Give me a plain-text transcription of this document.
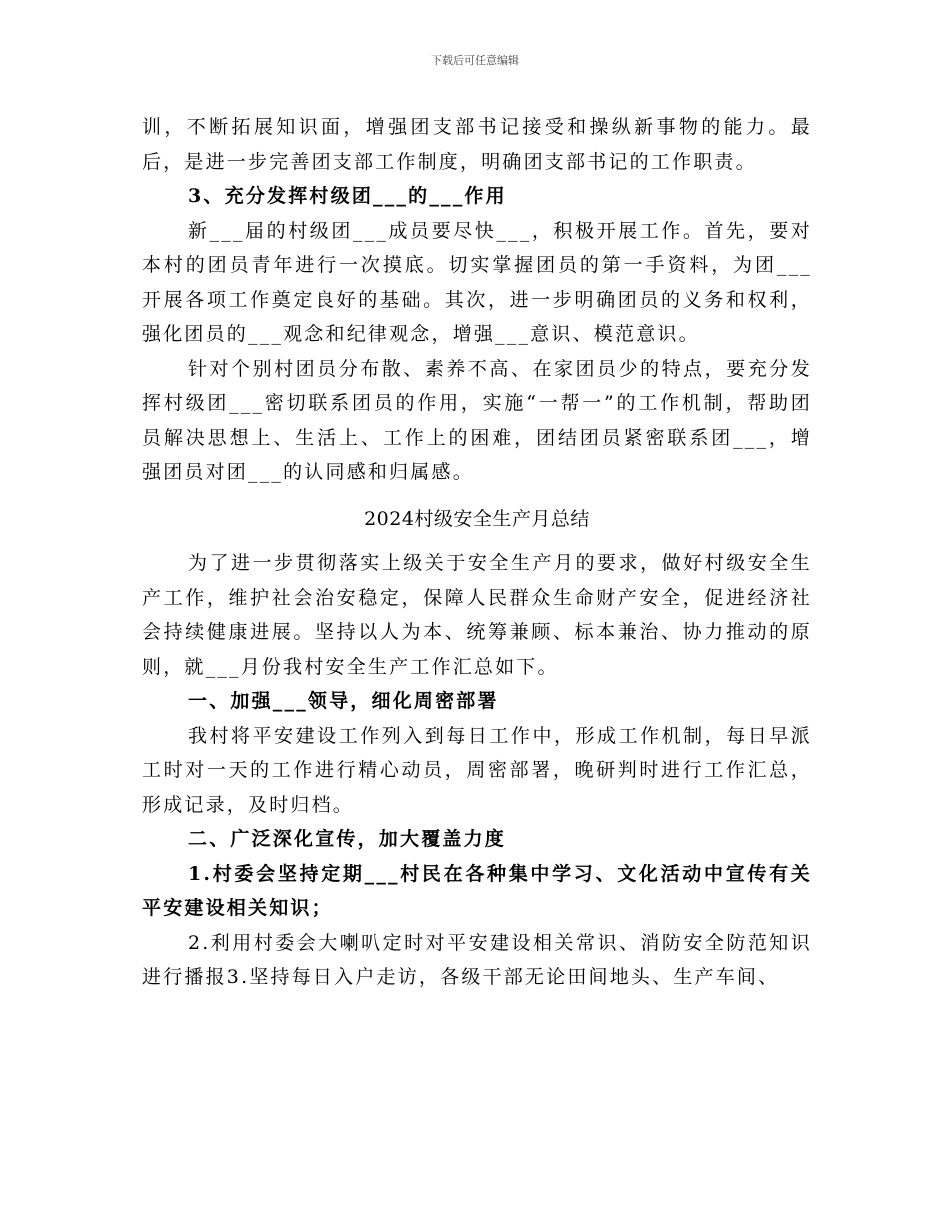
下载后可任意编辑

训，不断拓展知识面，增强团支部书记接受和操纵新事物的能力。最后，是进一步完善团支部工作制度，明确团支部书记的工作职责。

3、充分发挥村级团___的___作用

新___届的村级团___成员要尽快___，积极开展工作。首先，要对本村的团员青年进行一次摸底。切实掌握团员的第一手资料，为团___开展各项工作奠定良好的基础。其次，进一步明确团员的义务和权利，强化团员的___观念和纪律观念，增强___意识、模范意识。

针对个别村团员分布散、素养不高、在家团员少的特点，要充分发挥村级团___密切联系团员的作用，实施“一帮一”的工作机制，帮助团员解决思想上、生活上、工作上的困难，团结团员紧密联系团___，增强团员对团___的认同感和归属感。

2024村级安全生产月总结

为了进一步贯彻落实上级关于安全生产月的要求，做好村级安全生产工作，维护社会治安稳定，保障人民群众生命财产安全，促进经济社会持续健康进展。坚持以人为本、统筹兼顾、标本兼治、协力推动的原则，就___月份我村安全生产工作汇总如下。

一、加强___领导，细化周密部署

我村将平安建设工作列入到每日工作中，形成工作机制，每日早派工时对一天的工作进行精心动员，周密部署，晚研判时进行工作汇总，形成记录，及时归档。

二、广泛深化宣传，加大覆盖力度

1.村委会坚持定期___村民在各种集中学习、文化活动中宣传有关平安建设相关知识；

2.利用村委会大喇叭定时对平安建设相关常识、消防安全防范知识进行播报3.坚持每日入户走访，各级干部无论田间地头、生产车间、
